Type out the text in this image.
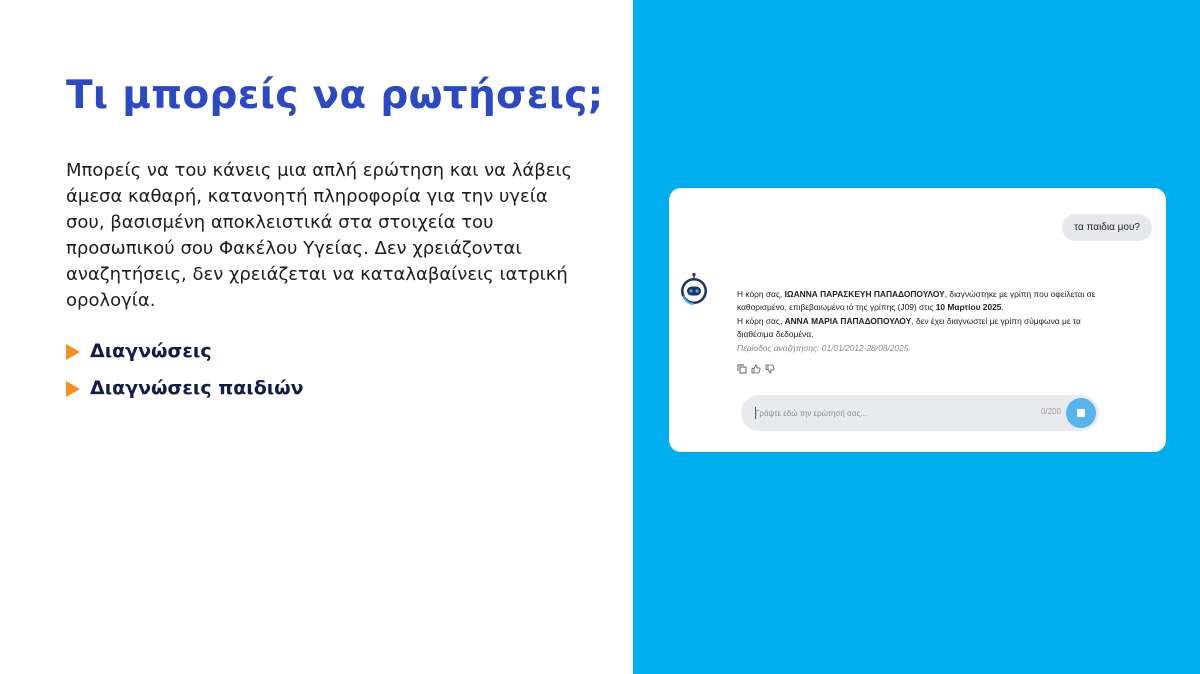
Τι μπορείς να ρωτήσεις;

Μπορείς να του κάνεις μια απλή ερώτηση και να λάβεις άμεσα καθαρή, κατανοητή πληροφορία για την υγεία σου, βασισμένη αποκλειστικά στα στοιχεία του προσωπικού σου Φακέλου Υγείας. Δεν χρειάζονται αναζητήσεις, δεν χρειάζεται να καταλαβαίνεις ιατρική ορολογία.

Διαγνώσεις
Διαγνώσεις παιδιών
τα παιδια μου?
Η κόρη σας, ΙΩΑΝΝΑ ΠΑΡΑΣΚΕΥΗ ΠΑΠΑΔΟΠΟΥΛΟΥ, διαγνώστηκε με γρίπη που οφείλεται σε καθορισμένο, επιβεβαιωμένο ιό της γρίπης (J09) στις 10 Μαρτίου 2025.
Η κόρη σας, ΑΝΝΑ ΜΑΡΙΑ ΠΑΠΑΔΟΠΟΥΛΟΥ, δεν έχει διαγνωστεί με γρίπη σύμφωνα με τα διαθέσιμα δεδομένα.
Περίοδος αναζήτησης: 01/01/2012-28/08/2025.
Γράψτε εδώ την ερώτησή σας...
0/200
